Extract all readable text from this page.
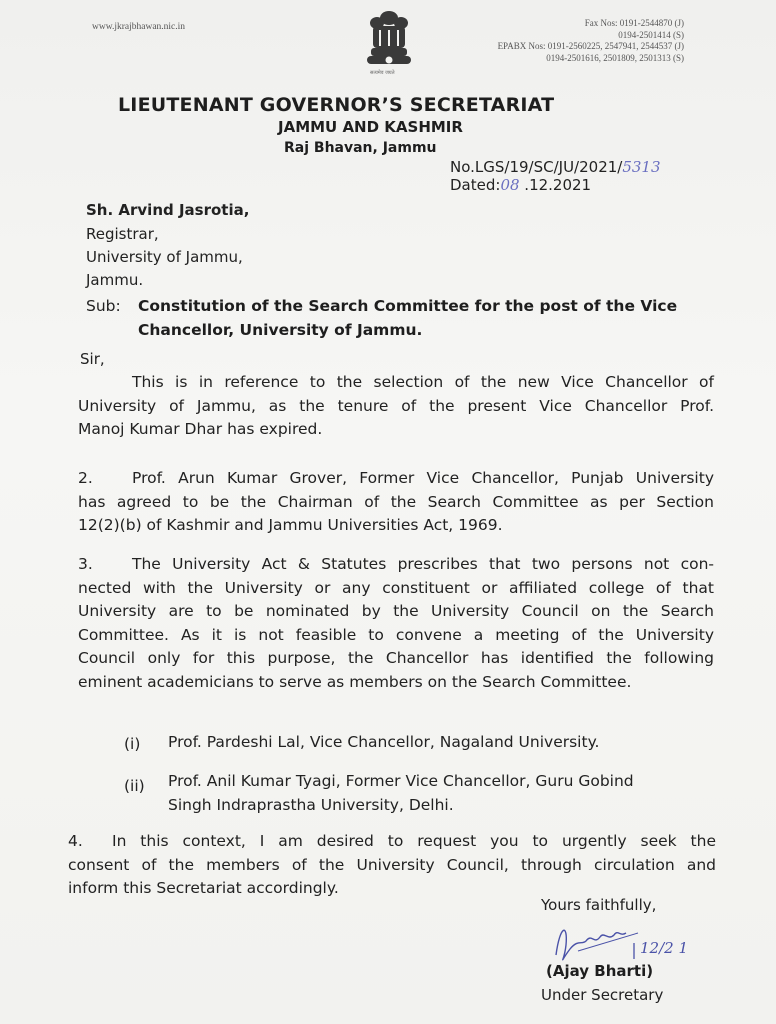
www.jkrajbhawan.nic.in
सत्यमेव जयते
Fax Nos: 0191-2544870 (J)
0194-2501414 (S)
EPABX Nos: 0191-2560225, 2547941, 2544537 (J)
0194-2501616, 2501809, 2501313 (S)
LIEUTENANT GOVERNOR’S SECRETARIAT
JAMMU AND KASHMIR
Raj Bhavan, Jammu
No.LGS/19/SC/JU/2021/5313
Dated:08 .12.2021
Sh. Arvind Jasrotia,
Registrar,
University of Jammu,
Jammu.
Sub: Constitution of the Search Committee for the post of the Vice
Chancellor, University of Jammu.
Sir,
This is in reference to the selection of the new Vice Chancellor of
University of Jammu, as the tenure of the present Vice Chancellor Prof.
Manoj Kumar Dhar has expired.
2.	Prof. Arun Kumar Grover, Former Vice Chancellor, Punjab University
has agreed to be the Chairman of the Search Committee as per Section
12(2)(b) of Kashmir and Jammu Universities Act, 1969.
3.	The University Act & Statutes prescribes that two persons not con-
nected with the University or any constituent or affiliated college of that
University are to be nominated by the University Council on the Search
Committee. As it is not feasible to convene a meeting of the University
Council only for this purpose, the Chancellor has identified the following
eminent academicians to serve as members on the Search Committee.
(i) Prof. Pardeshi Lal, Vice Chancellor, Nagaland University.
(ii) Prof. Anil Kumar Tyagi, Former Vice Chancellor, Guru Gobind
Singh Indraprastha University, Delhi.
4. In this context, I am desired to request you to urgently seek the
consent of the members of the University Council, through circulation and
inform this Secretariat accordingly.
Yours faithfully,
12/2 1
(Ajay Bharti)
Under Secretary
